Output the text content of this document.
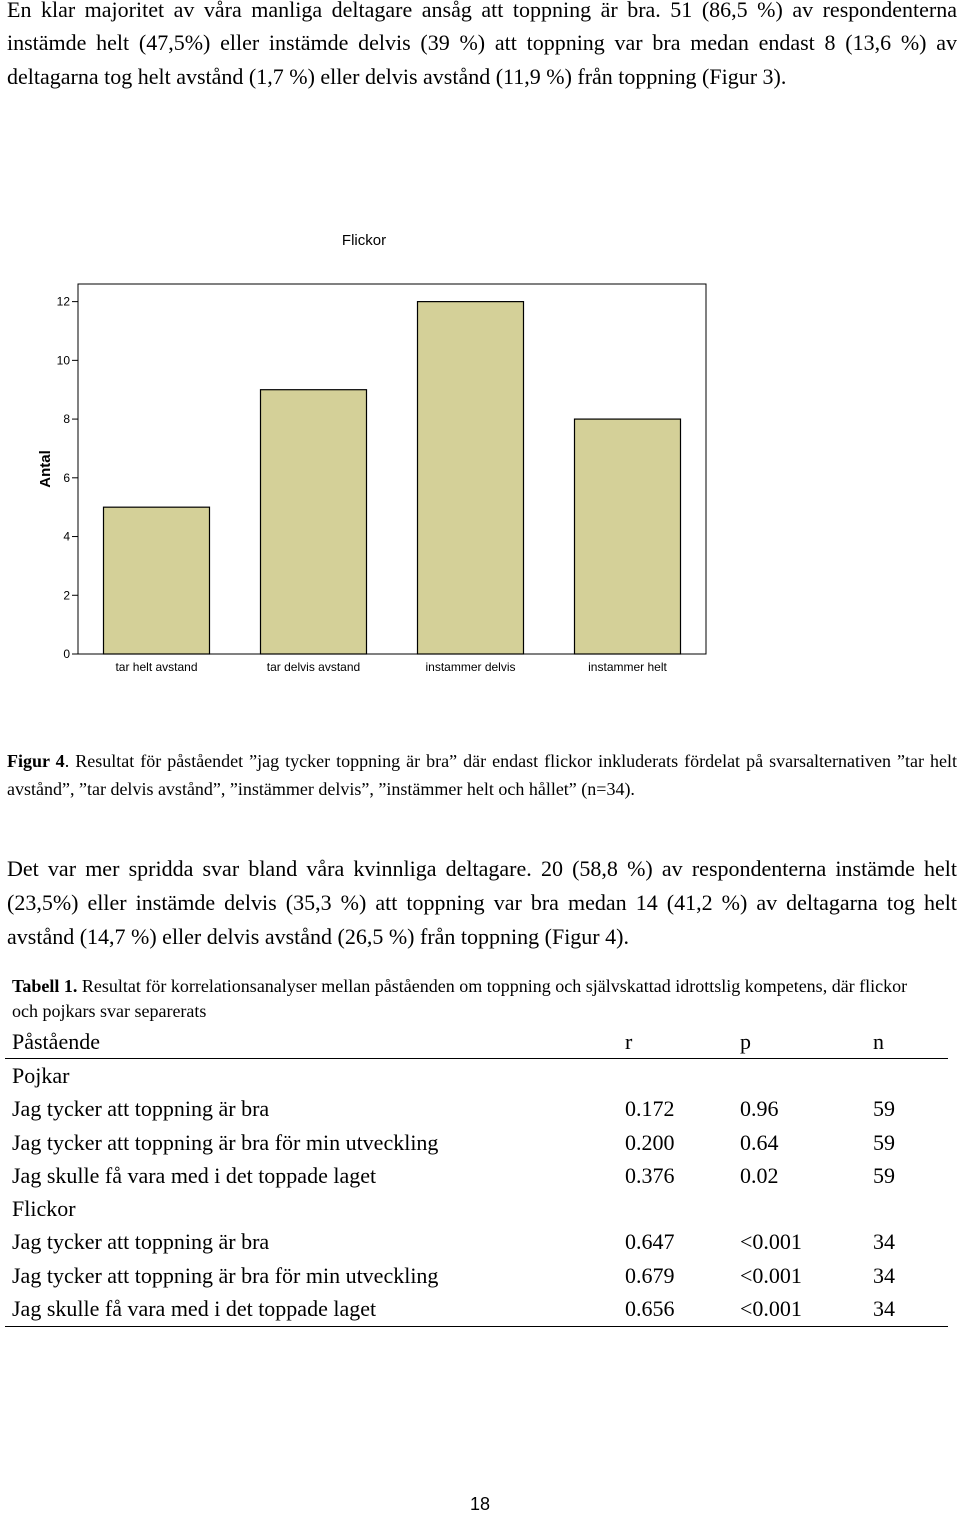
En klar majoritet av våra manliga deltagare ansåg att toppning är bra. 51 (86,5 %) av respondenterna instämde helt (47,5%) eller instämde delvis (39 %) att toppning var bra medan endast 8 (13,6 %) av deltagarna tog helt avstånd (1,7 %) eller delvis avstånd (11,9 %) från toppning (Figur 3).
Flickor
Antal
0
2
4
6
8
10
12
tar helt avstand	tar delvis avstand	instammer delvis	instammer helt
Figur 4. Resultat för påståendet ”jag tycker toppning är bra” där endast flickor inkluderats fördelat på svarsalternativen ”tar helt avstånd”, ”tar delvis avstånd”, ”instämmer delvis”, ”instämmer helt och hållet” (n=34).
Det var mer spridda svar bland våra kvinnliga deltagare. 20 (58,8 %) av respondenterna instämde helt (23,5%) eller instämde delvis (35,3 %) att toppning var bra medan 14 (41,2 %) av deltagarna tog helt avstånd (14,7 %) eller delvis avstånd (26,5 %) från toppning (Figur 4).
Tabell 1. Resultat för korrelationsanalyser mellan påståenden om toppning och självskattad idrottslig kompetens, där flickor och pojkars svar separerats
Påstående	r	p	n
Pojkar			
Jag tycker att toppning är bra	0.172	0.96	59
Jag tycker att toppning är bra för min utveckling	0.200	0.64	59
Jag skulle få vara med i det toppade laget	0.376	0.02	59
Flickor			
Jag tycker att toppning är bra	0.647	<0.001	34
Jag tycker att toppning är bra för min utveckling	0.679	<0.001	34
Jag skulle få vara med i det toppade laget	0.656	<0.001	34
18
